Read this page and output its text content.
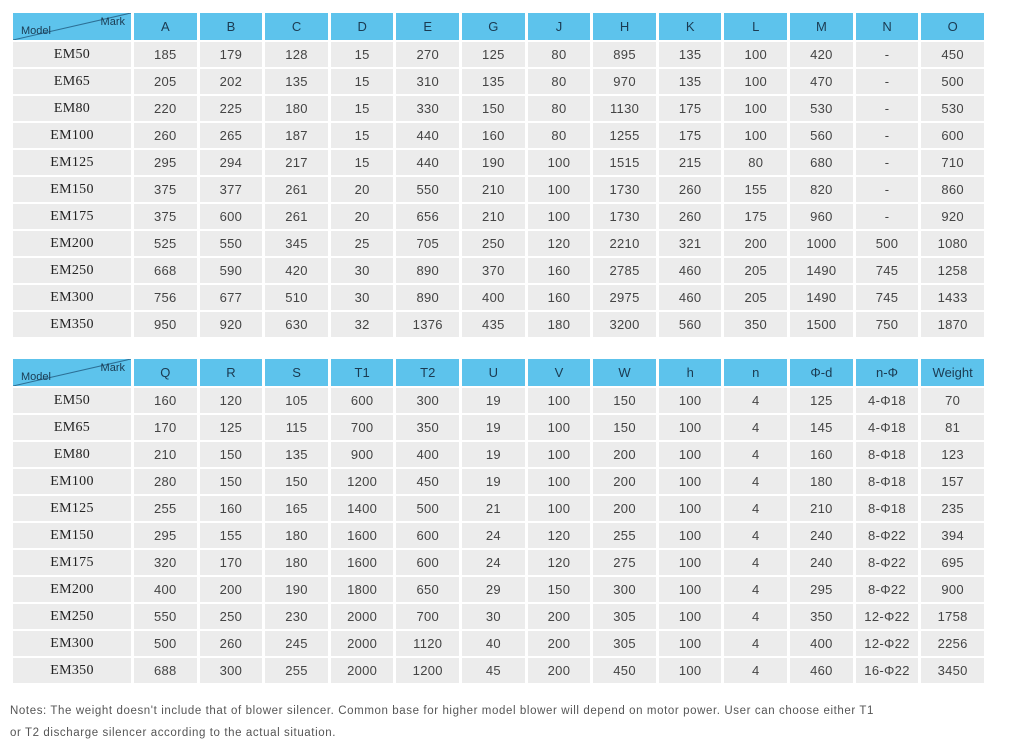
Mark
Model	A	B	C	D	E	G	J	H	K	L	M	N	O
EM50	185	179	128	15	270	125	80	895	135	100	420	-	450
EM65	205	202	135	15	310	135	80	970	135	100	470	-	500
EM80	220	225	180	15	330	150	80	1130	175	100	530	-	530
EM100	260	265	187	15	440	160	80	1255	175	100	560	-	600
EM125	295	294	217	15	440	190	100	1515	215	80	680	-	710
EM150	375	377	261	20	550	210	100	1730	260	155	820	-	860
EM175	375	600	261	20	656	210	100	1730	260	175	960	-	920
EM200	525	550	345	25	705	250	120	2210	321	200	1000	500	1080
EM250	668	590	420	30	890	370	160	2785	460	205	1490	745	1258
EM300	756	677	510	30	890	400	160	2975	460	205	1490	745	1433
EM350	950	920	630	32	1376	435	180	3200	560	350	1500	750	1870
Mark
Model	Q	R	S	T1	T2	U	V	W	h	n	Φ-d	n-Φ	Weight
EM50	160	120	105	600	300	19	100	150	100	4	125	4-Φ18	70
EM65	170	125	115	700	350	19	100	150	100	4	145	4-Φ18	81
EM80	210	150	135	900	400	19	100	200	100	4	160	8-Φ18	123
EM100	280	150	150	1200	450	19	100	200	100	4	180	8-Φ18	157
EM125	255	160	165	1400	500	21	100	200	100	4	210	8-Φ18	235
EM150	295	155	180	1600	600	24	120	255	100	4	240	8-Φ22	394
EM175	320	170	180	1600	600	24	120	275	100	4	240	8-Φ22	695
EM200	400	200	190	1800	650	29	150	300	100	4	295	8-Φ22	900
EM250	550	250	230	2000	700	30	200	305	100	4	350	12-Φ22	1758
EM300	500	260	245	2000	1120	40	200	305	100	4	400	12-Φ22	2256
EM350	688	300	255	2000	1200	45	200	450	100	4	460	16-Φ22	3450
Notes: The weight doesn't include that of blower silencer. Common base for higher model blower will depend on motor power. User can choose either T1
or T2 discharge silencer according to the actual situation.
